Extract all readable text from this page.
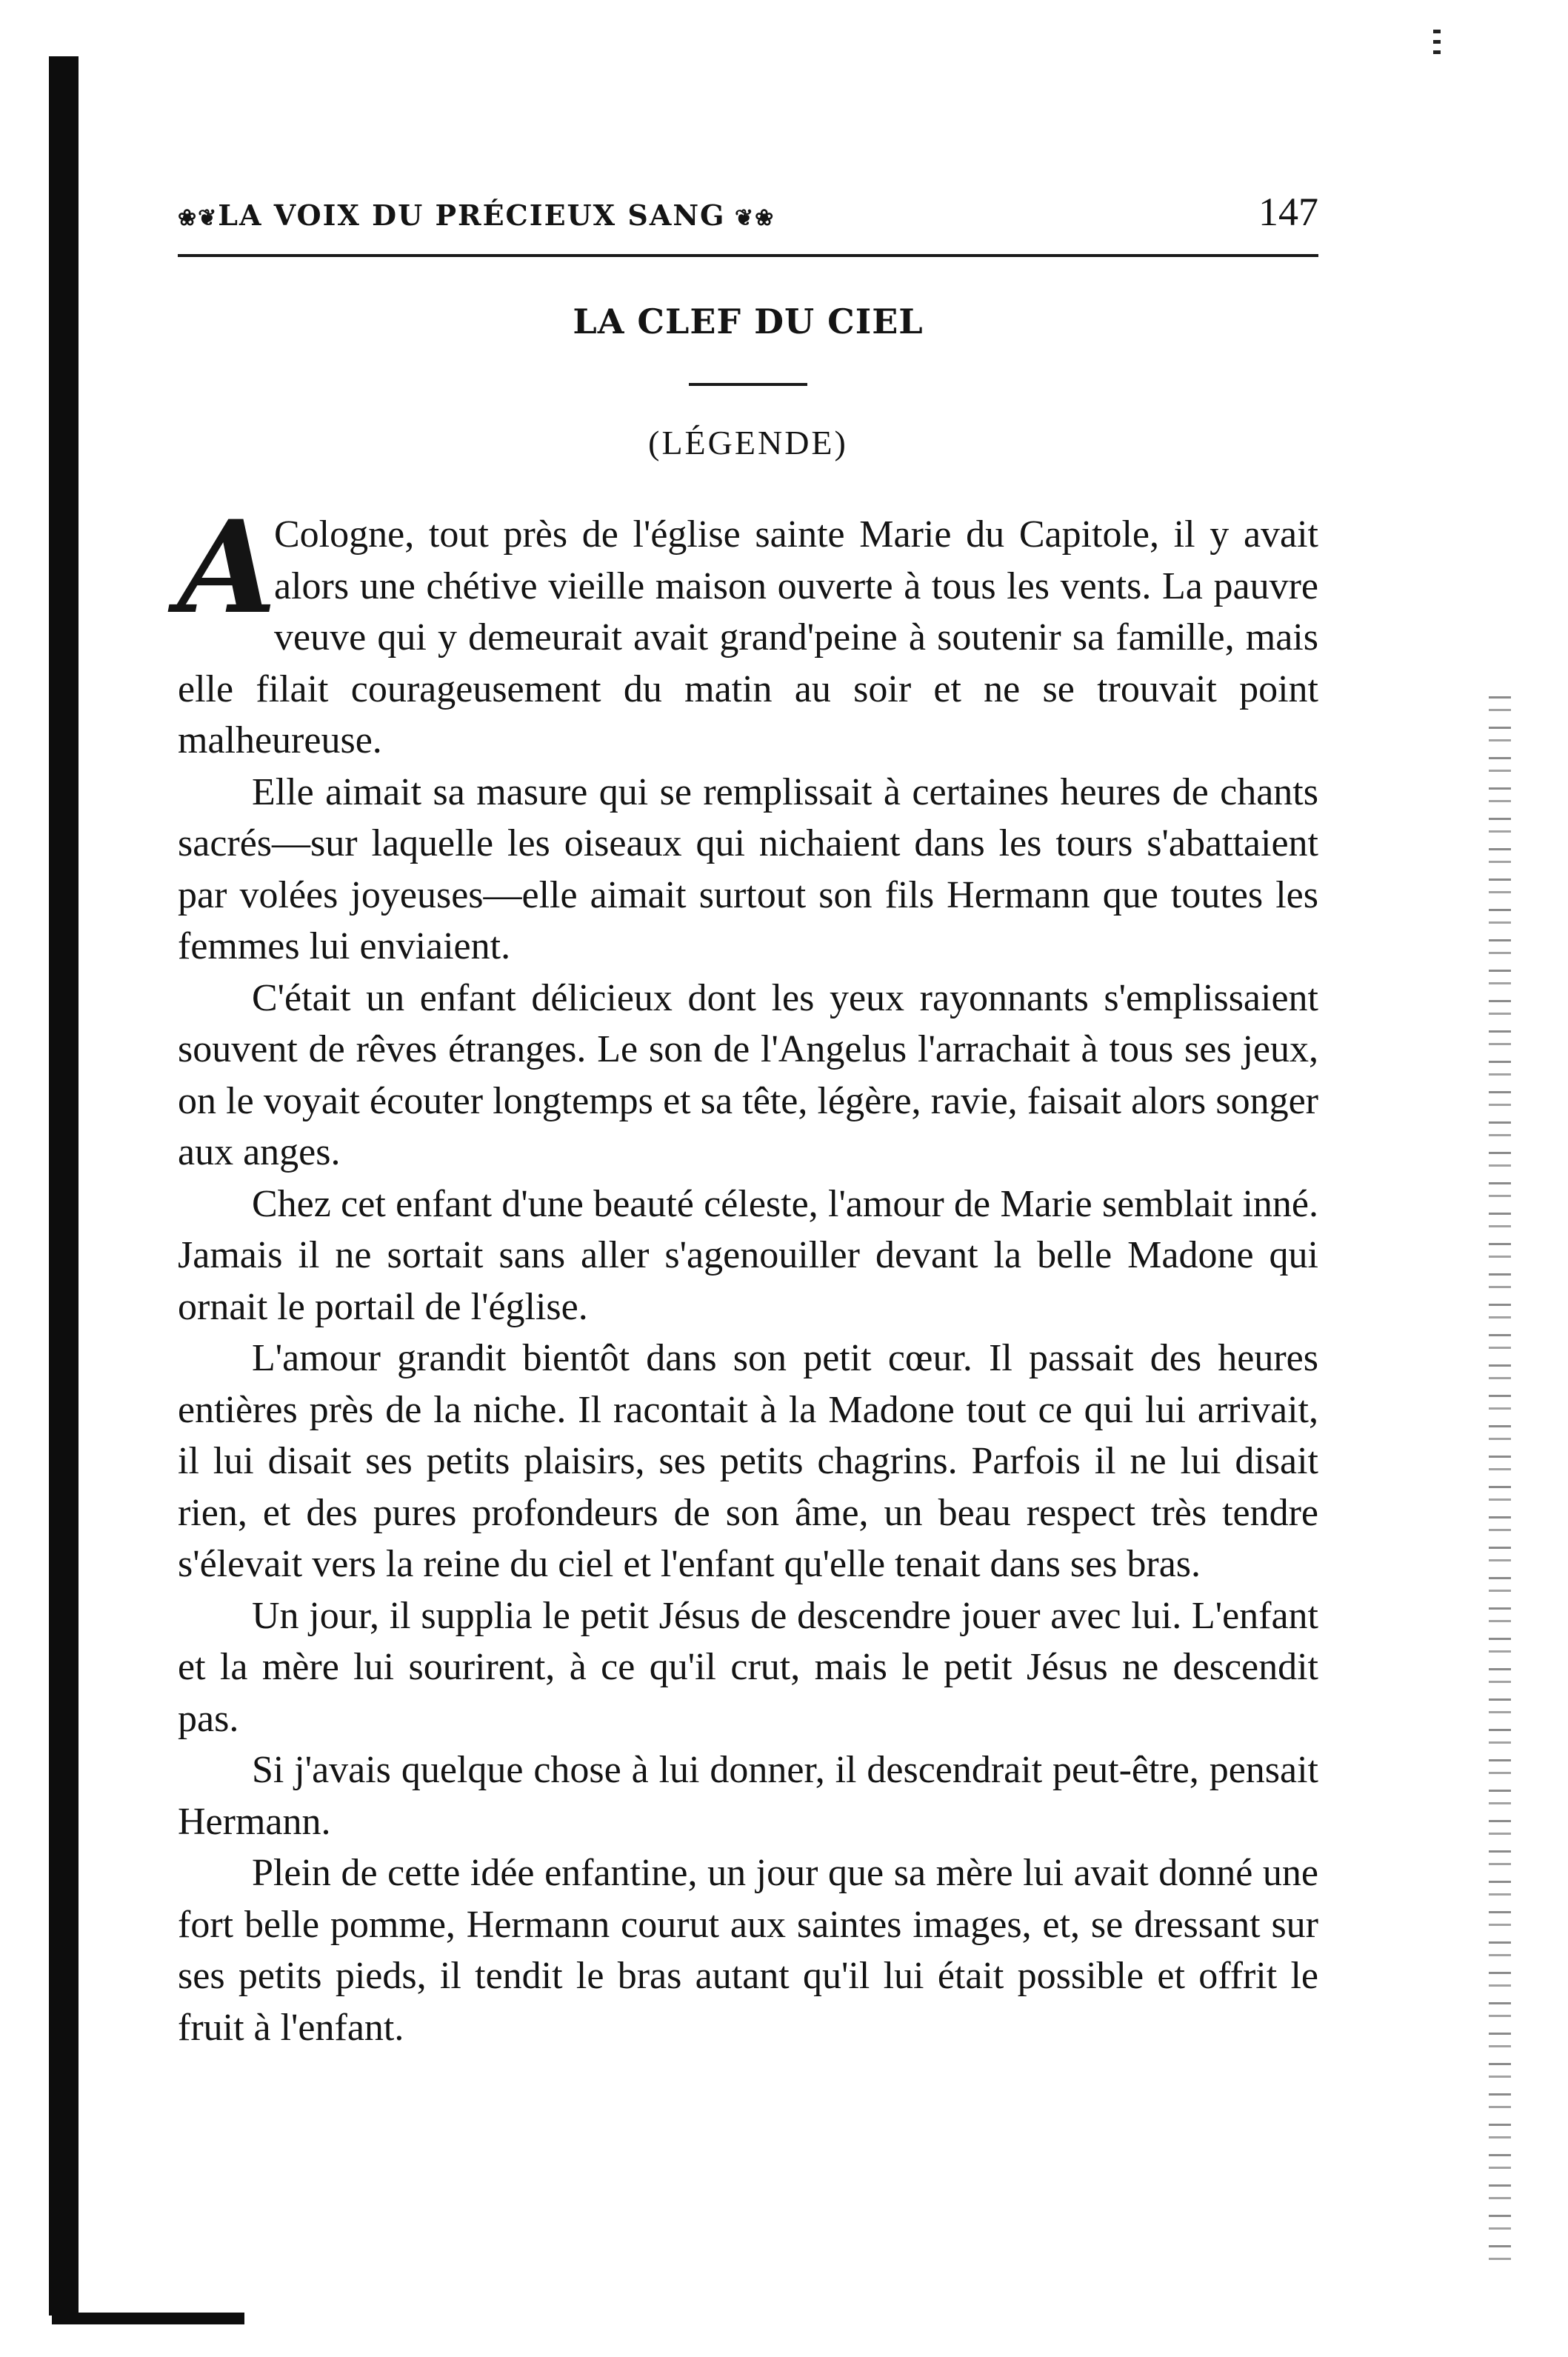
❀❦ LA VOIX DU PRÉCIEUX SANG ❦❀	147
LA CLEF DU CIEL
(LÉGENDE)

A
Cologne, tout près de l'église sainte Marie du Capitole, il y avait alors une chétive vieille maison ouverte à tous les vents. La pauvre veuve qui y demeurait avait grand'peine à soutenir sa famille, mais elle filait courageusement du matin au soir et ne se trouvait point malheureuse.

Elle aimait sa masure qui se remplissait à certaines heures de chants sacrés—sur laquelle les oiseaux qui nichaient dans les tours s'abattaient par volées joyeuses—elle aimait surtout son fils Hermann que toutes les femmes lui enviaient.

C'était un enfant délicieux dont les yeux rayonnants s'emplissaient souvent de rêves étranges. Le son de l'Angelus l'arrachait à tous ses jeux, on le voyait écouter longtemps et sa tête, légère, ravie, faisait alors songer aux anges.

Chez cet enfant d'une beauté céleste, l'amour de Marie semblait inné. Jamais il ne sortait sans aller s'agenouiller devant la belle Madone qui ornait le portail de l'église.

L'amour grandit bientôt dans son petit cœur. Il passait des heures entières près de la niche. Il racontait à la Madone tout ce qui lui arrivait, il lui disait ses petits plaisirs, ses petits chagrins. Parfois il ne lui disait rien, et des pures profondeurs de son âme, un beau respect très tendre s'élevait vers la reine du ciel et l'enfant qu'elle tenait dans ses bras.

Un jour, il supplia le petit Jésus de descendre jouer avec lui. L'enfant et la mère lui sourirent, à ce qu'il crut, mais le petit Jésus ne descendit pas.

Si j'avais quelque chose à lui donner, il descendrait peut-être, pensait Hermann.

Plein de cette idée enfantine, un jour que sa mère lui avait donné une fort belle pomme, Hermann courut aux saintes images, et, se dressant sur ses petits pieds, il tendit le bras autant qu'il lui était possible et offrit le fruit à l'enfant.
